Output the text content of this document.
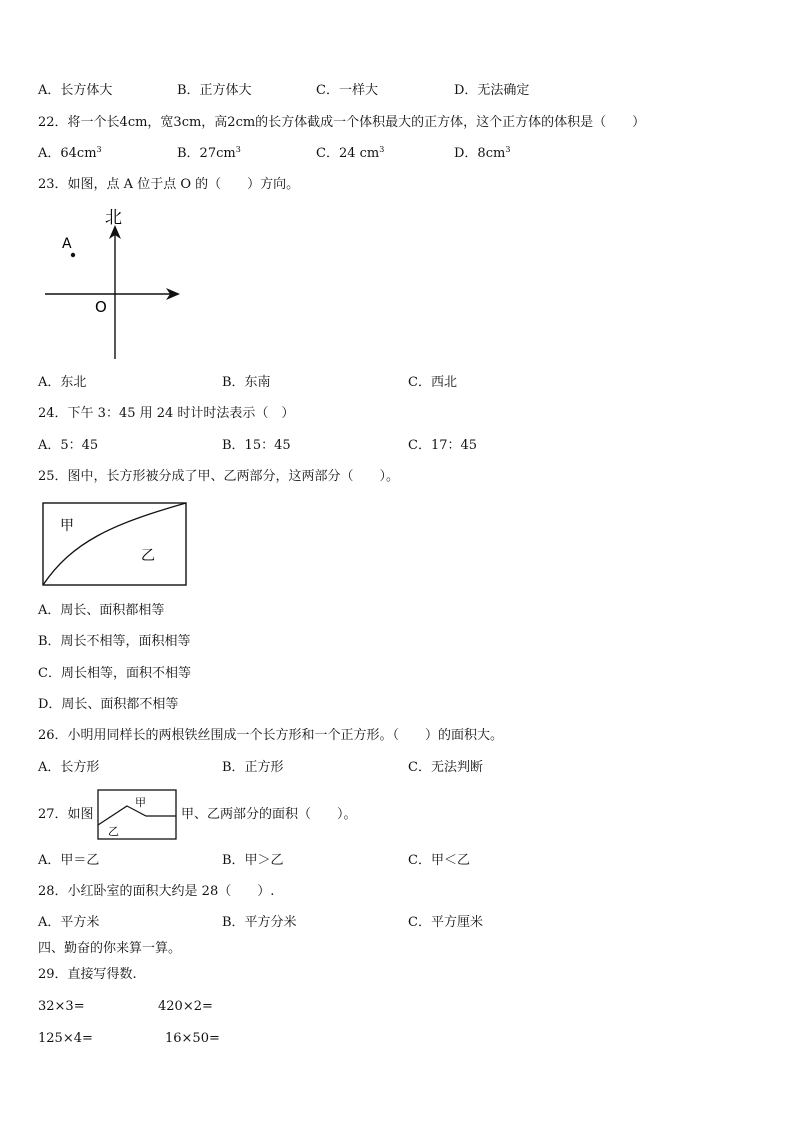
A．长方体大	B．正方体大	C．一样大	D．无法确定
22．将一个长4cm，宽3cm，高2cm的长方体截成一个体积最大的正方体，这个正方体的体积是（　　）
A．$64cm^3$	B．$27cm^3$	C．24 $cm^3$	D．$8cm^3$
23．如图，点 A 位于点 O 的（　　）方向。
北
A
O
A．东北	B．东南	C．西北
24．下午 3：45 用 24 时计时法表示（　）
A．5：45	B．15：45	C．17：45
25．图中，长方形被分成了甲、乙两部分，这两部分（　　）。
甲
乙
A．周长、面积都相等
B．周长不相等，面积相等
C．周长相等，面积不相等
D．周长、面积都不相等
26．小明用同样长的两根铁丝围成一个长方形和一个正方形。（　　）的面积大。
A．长方形	B．正方形	C．无法判断
27．如图
甲
乙
甲、乙两部分的面积（　　）。
A．甲＝乙	B．甲＞乙	C．甲＜乙
28．小红卧室的面积大约是 28（　　）.
A．平方米	B．平方分米	C．平方厘米
四、勤奋的你来算一算。
29．直接写得数.
32×3=	420×2=
125×4=	16×50=
